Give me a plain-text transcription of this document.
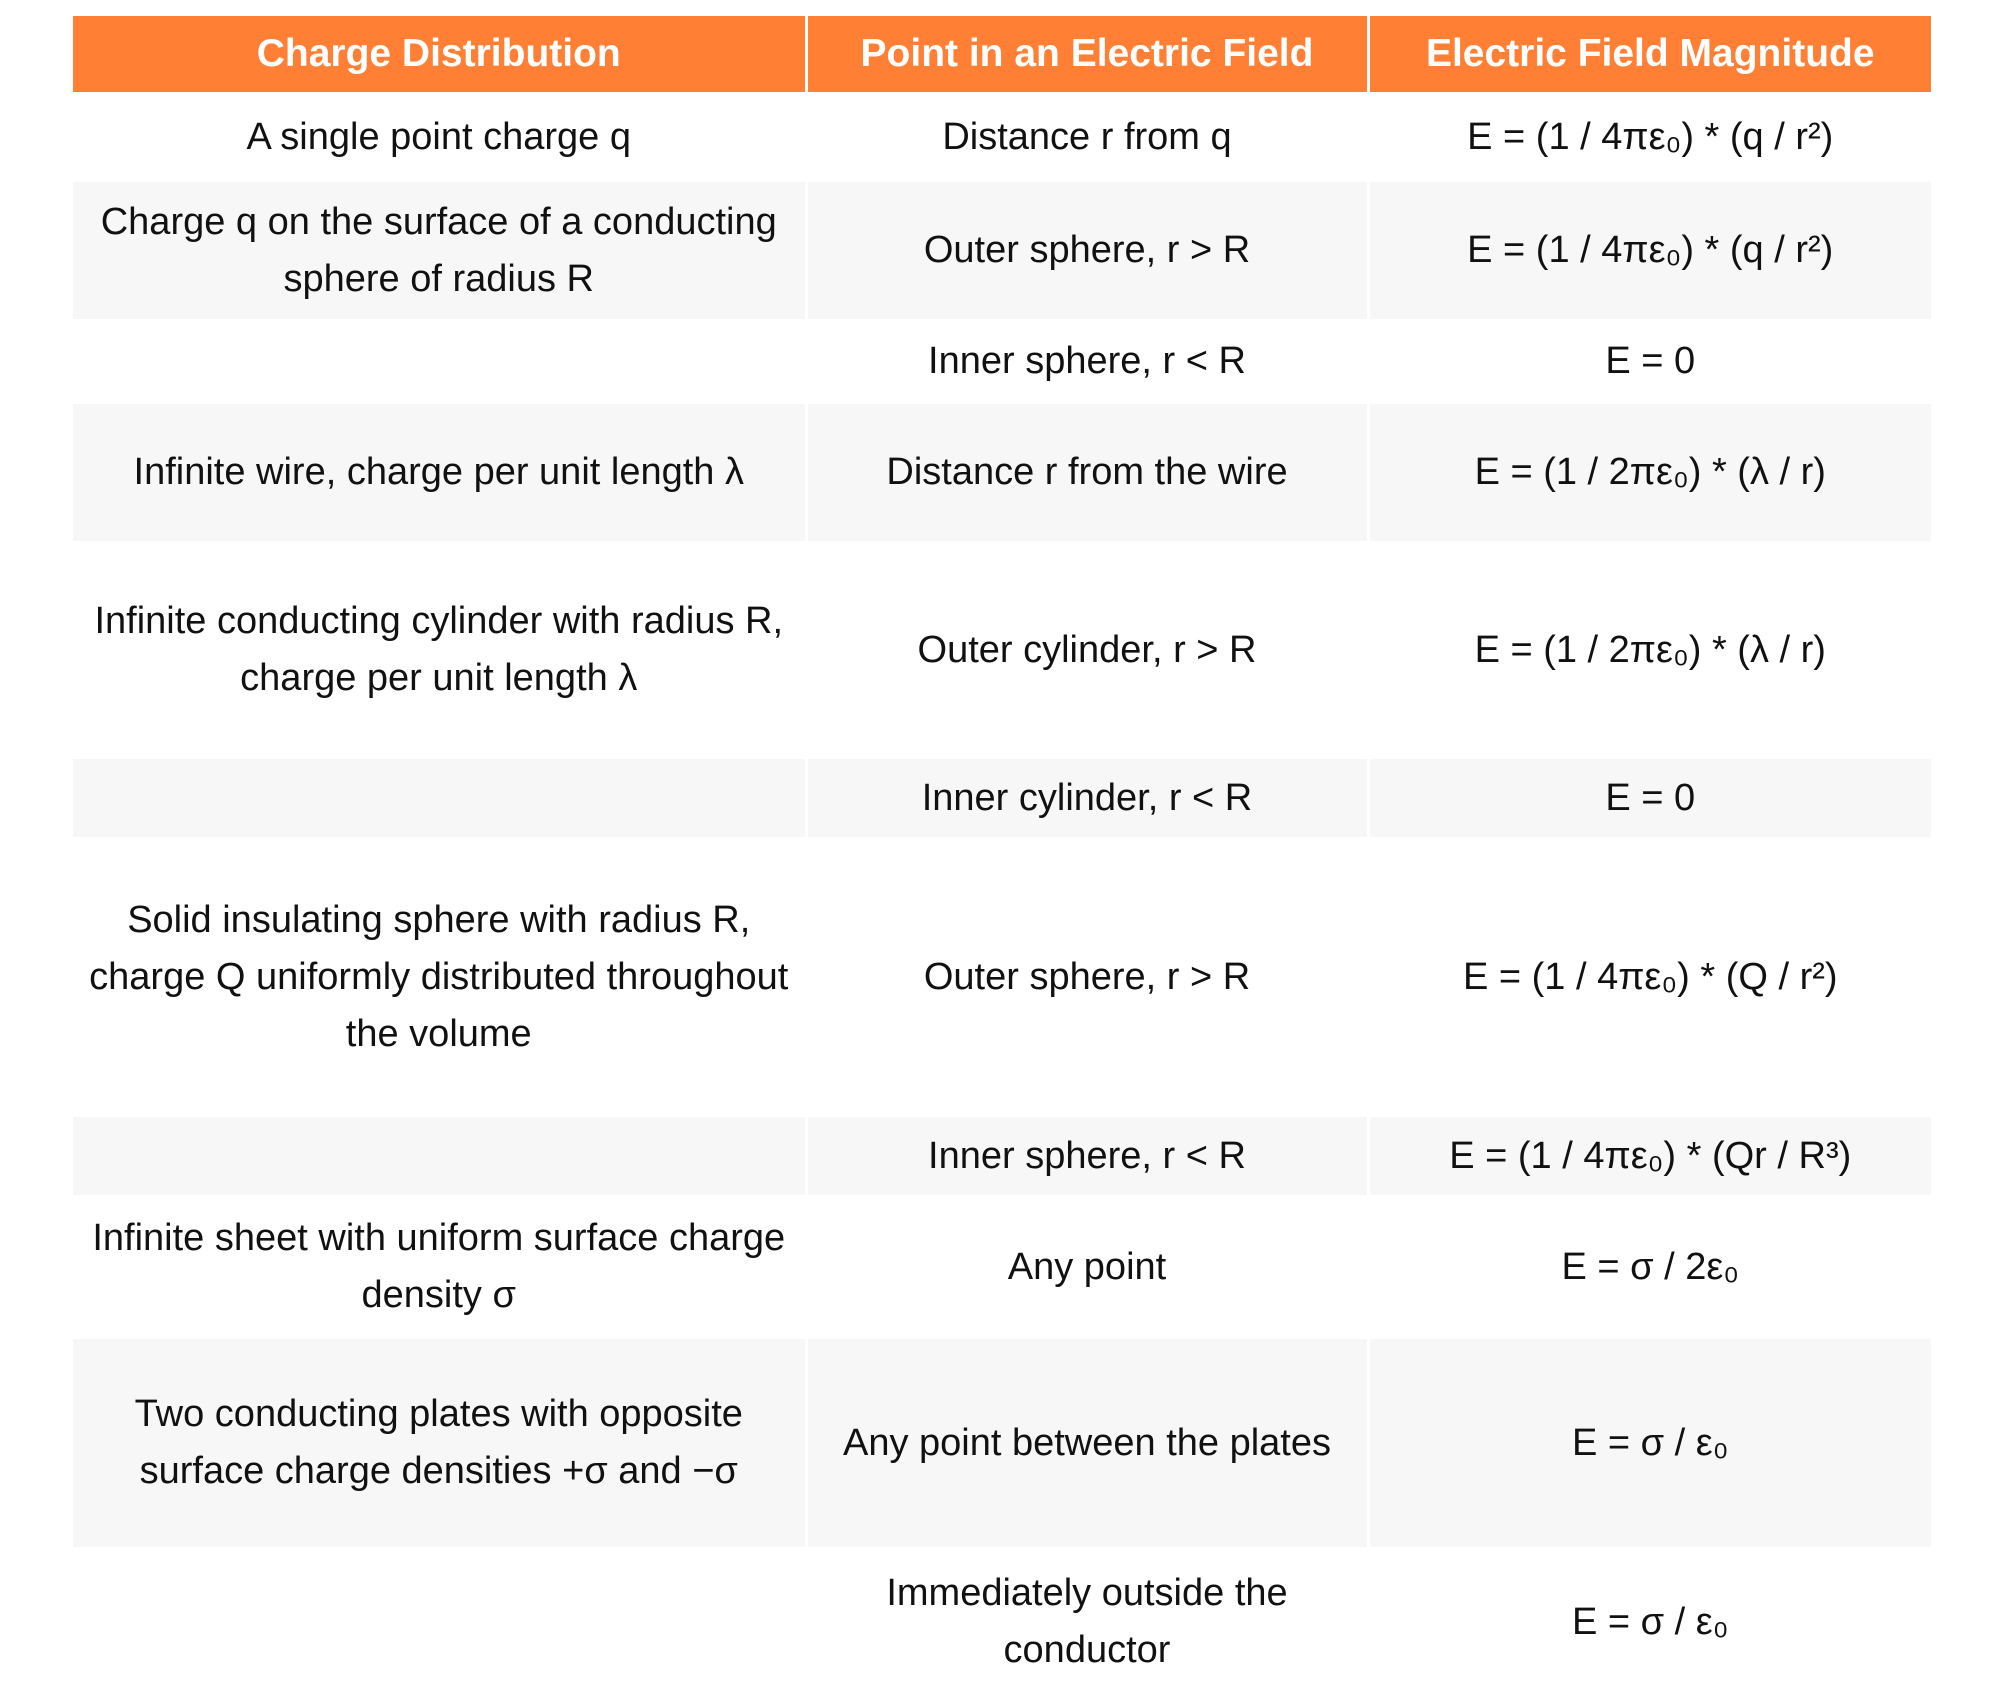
Charge Distribution	Point in an Electric Field	Electric Field Magnitude
A single point charge q	Distance r from q	E = (1 / 4πε₀) * (q / r²)
Charge q on the surface of a conducting sphere of radius R	Outer sphere, r > R	E = (1 / 4πε₀) * (q / r²)
	Inner sphere, r < R	E = 0
Infinite wire, charge per unit length λ	Distance r from the wire	E = (1 / 2πε₀) * (λ / r)
Infinite conducting cylinder with radius R, charge per unit length λ	Outer cylinder, r > R	E = (1 / 2πε₀) * (λ / r)
	Inner cylinder, r < R	E = 0
Solid insulating sphere with radius R, charge Q uniformly distributed throughout the volume	Outer sphere, r > R	E = (1 / 4πε₀) * (Q / r²)
	Inner sphere, r < R	E = (1 / 4πε₀) * (Qr / R³)
Infinite sheet with uniform surface charge density σ	Any point	E = σ / 2ε₀
Two conducting plates with opposite surface charge densities +σ and −σ	Any point between the plates	E = σ / ε₀
	Immediately outside the conductor	E = σ / ε₀
